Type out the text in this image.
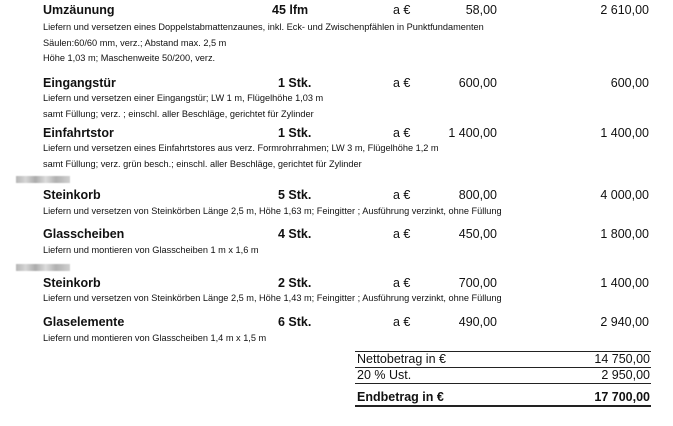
Umzäunung	45 lfm	a €	58,00	2 610,00
Liefern und versetzen eines Doppelstabmattenzaunes, inkl. Eck- und Zwischenpfählen in Punktfundamenten
Säulen:60/60 mm, verz.; Abstand max. 2,5 m
Höhe 1,03 m; Maschenweite 50/200, verz.
Eingangstür	1 Stk.	a €	600,00	600,00
Liefern und versetzen einer Eingangstür; LW 1 m, Flügelhöhe 1,03 m
samt Füllung; verz. ; einschl. aller Beschläge, gerichtet für Zylinder
Einfahrtstor	1 Stk.	a €	1 400,00	1 400,00
Liefern und versetzen eines Einfahrtstores aus verz. Formrohrrahmen; LW 3 m, Flügelhöhe 1,2 m
samt Füllung; verz. grün besch.; einschl. aller Beschläge, gerichtet für Zylinder
Steinkorb	5 Stk.	a €	800,00	4 000,00
Liefern und versetzen von Steinkörben Länge 2,5 m, Höhe 1,63 m; Feingitter ; Ausführung verzinkt, ohne Füllung
Glasscheiben	4 Stk.	a €	450,00	1 800,00
Liefern und montieren von Glasscheiben 1 m x 1,6 m
Steinkorb	2 Stk.	a €	700,00	1 400,00
Liefern und versetzen von Steinkörben Länge 2,5 m, Höhe 1,43 m; Feingitter ; Ausführung verzinkt, ohne Füllung
Glaselemente	6 Stk.	a €	490,00	2 940,00
Liefern und montieren von Glasscheiben 1,4 m x 1,5 m
Nettobetrag in €	14 750,00
20 % Ust.	2 950,00
Endbetrag in €	17 700,00
